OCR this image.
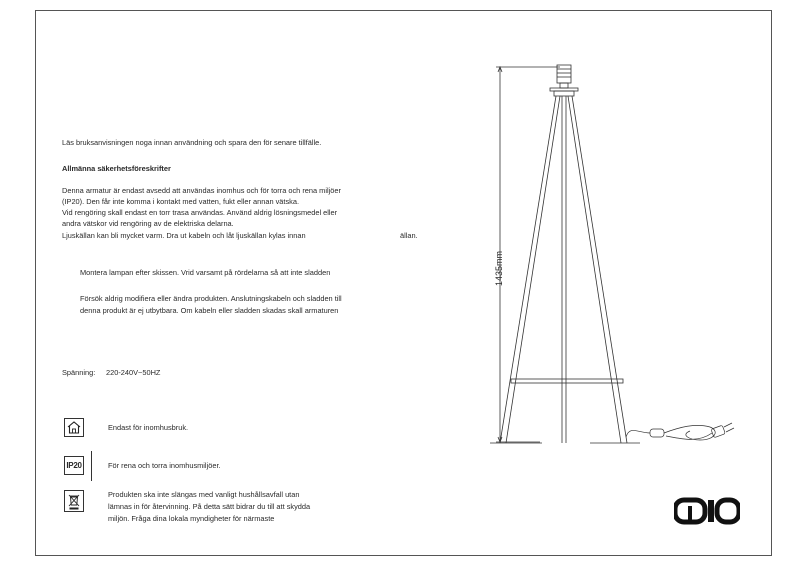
Läs bruksanvisningen noga innan användning och spara den för senare tillfälle.
Allmänna säkerhetsföreskrifter
Denna armatur är endast avsedd att användas inomhus och för torra och rena miljöer
(IP20). Den får inte komma i kontakt med vatten, fukt eller annan vätska.
Vid rengöring skall endast en torr trasa användas. Använd aldrig lösningsmedel eller
andra vätskor vid rengöring av de elektriska delarna.
Ljuskällan kan bli mycket varm. Dra ut kabeln och låt ljuskällan kylas innan	ällan.
Montera lampan efter skissen. Vrid varsamt på rördelarna så att inte sladden
Försök aldrig modifiera eller ändra produkten. Anslutningskabeln och sladden till
denna produkt är ej utbytbara. Om kabeln eller sladden skadas skall armaturen
Spänning: 220-240V~50HZ
Endast för inomhusbruk.
IP20	För rena och torra inomhusmiljöer.
Produkten ska inte slängas med vanligt hushållsavfall utan
lämnas in för återvinning. På detta sätt bidrar du till att skydda
miljön. Fråga dina lokala myndigheter för närmaste
1435mm
